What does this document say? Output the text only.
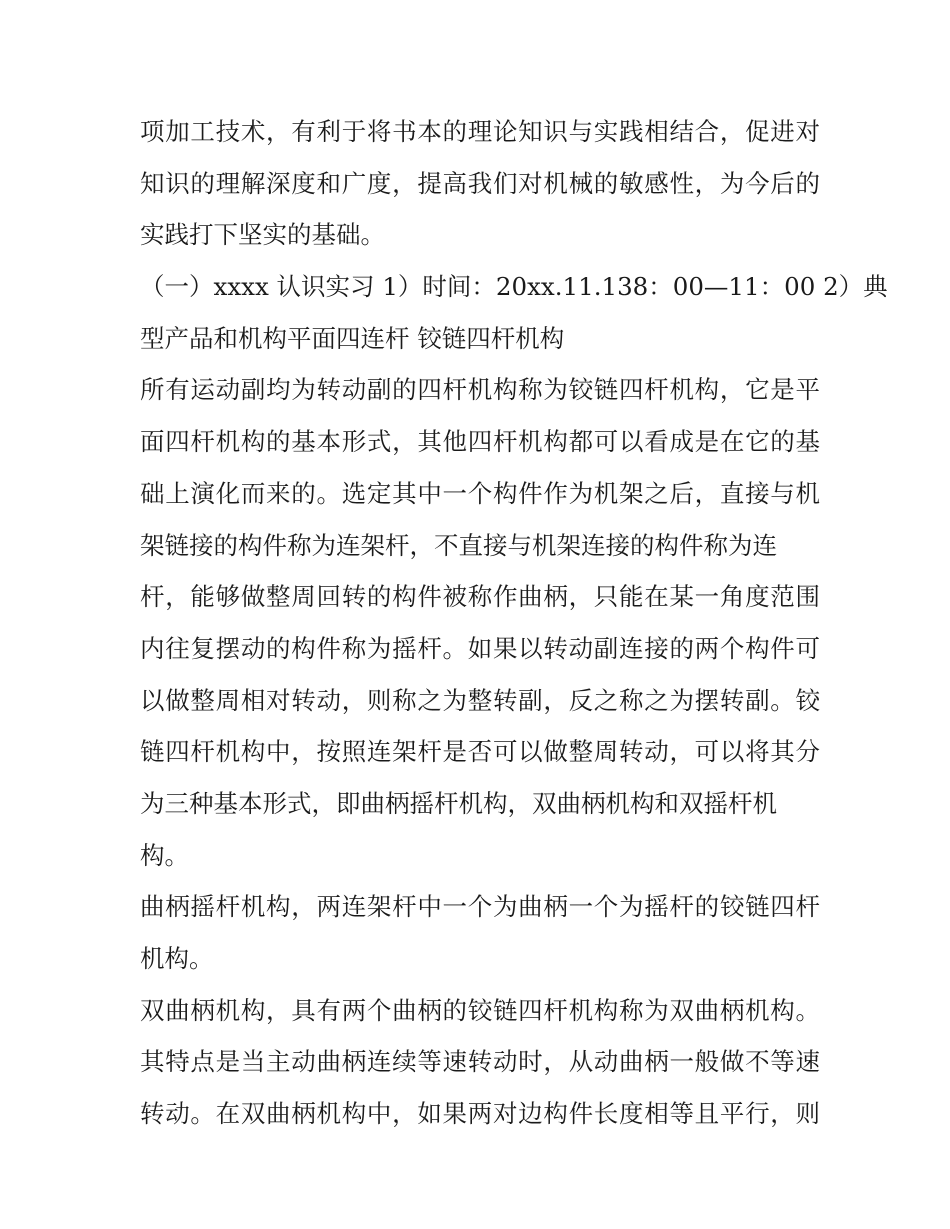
项加工技术，有利于将书本的理论知识与实践相结合，促进对
知识的理解深度和广度，提高我们对机械的敏感性，为今后的
实践打下坚实的基础。
（一）xxxx 认识实习 1）时间：20xx.11.138：00—11：00 2）典
型产品和机构平面四连杆 铰链四杆机构
所有运动副均为转动副的四杆机构称为铰链四杆机构，它是平
面四杆机构的基本形式，其他四杆机构都可以看成是在它的基
础上演化而来的。选定其中一个构件作为机架之后，直接与机
架链接的构件称为连架杆，不直接与机架连接的构件称为连
杆，能够做整周回转的构件被称作曲柄，只能在某一角度范围
内往复摆动的构件称为摇杆。如果以转动副连接的两个构件可
以做整周相对转动，则称之为整转副，反之称之为摆转副。铰
链四杆机构中，按照连架杆是否可以做整周转动，可以将其分
为三种基本形式，即曲柄摇杆机构，双曲柄机构和双摇杆机
构。
曲柄摇杆机构，两连架杆中一个为曲柄一个为摇杆的铰链四杆
机构。
双曲柄机构，具有两个曲柄的铰链四杆机构称为双曲柄机构。
其特点是当主动曲柄连续等速转动时，从动曲柄一般做不等速
转动。在双曲柄机构中，如果两对边构件长度相等且平行，则
